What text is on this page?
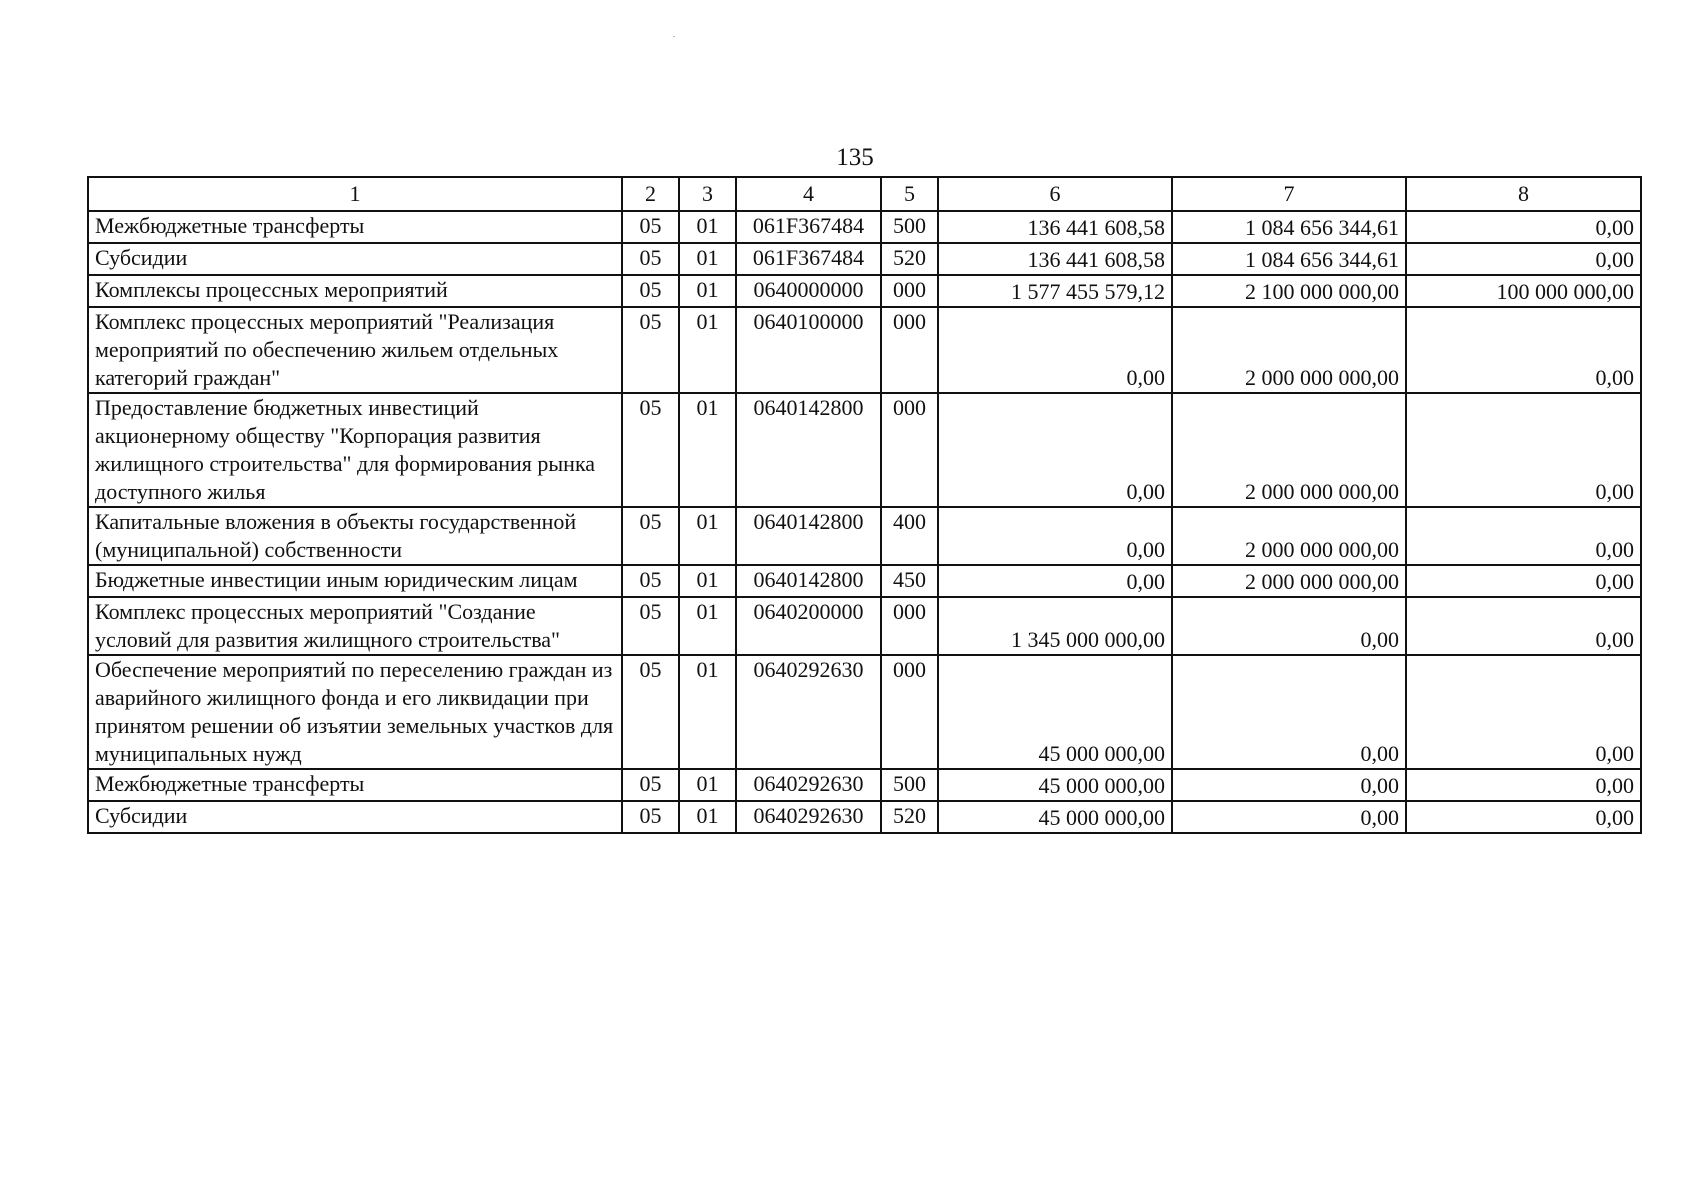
135
1	2	3	4	5	6	7	8
Межбюджетные трансферты	05	01	061F367484	500	136 441 608,58	1 084 656 344,61	0,00
Субсидии	05	01	061F367484	520	136 441 608,58	1 084 656 344,61	0,00
Комплексы процессных мероприятий	05	01	0640000000	000	1 577 455 579,12	2 100 000 000,00	100 000 000,00
Комплекс процессных мероприятий "Реализация мероприятий по обеспечению жильем отдельных категорий граждан"	05	01	0640100000	000	0,00	2 000 000 000,00	0,00
Предоставление бюджетных инвестиций акционерному обществу "Корпорация развития жилищного строительства" для формирования рынка доступного жилья	05	01	0640142800	000	0,00	2 000 000 000,00	0,00
Капитальные вложения в объекты государственной (муниципальной) собственности	05	01	0640142800	400	0,00	2 000 000 000,00	0,00
Бюджетные инвестиции иным юридическим лицам	05	01	0640142800	450	0,00	2 000 000 000,00	0,00
Комплекс процессных мероприятий "Создание условий для развития жилищного строительства"	05	01	0640200000	000	1 345 000 000,00	0,00	0,00
Обеспечение мероприятий по переселению граждан из аварийного жилищного фонда и его ликвидации при принятом решении об изъятии земельных участков для муниципальных нужд	05	01	0640292630	000	45 000 000,00	0,00	0,00
Межбюджетные трансферты	05	01	0640292630	500	45 000 000,00	0,00	0,00
Субсидии	05	01	0640292630	520	45 000 000,00	0,00	0,00
